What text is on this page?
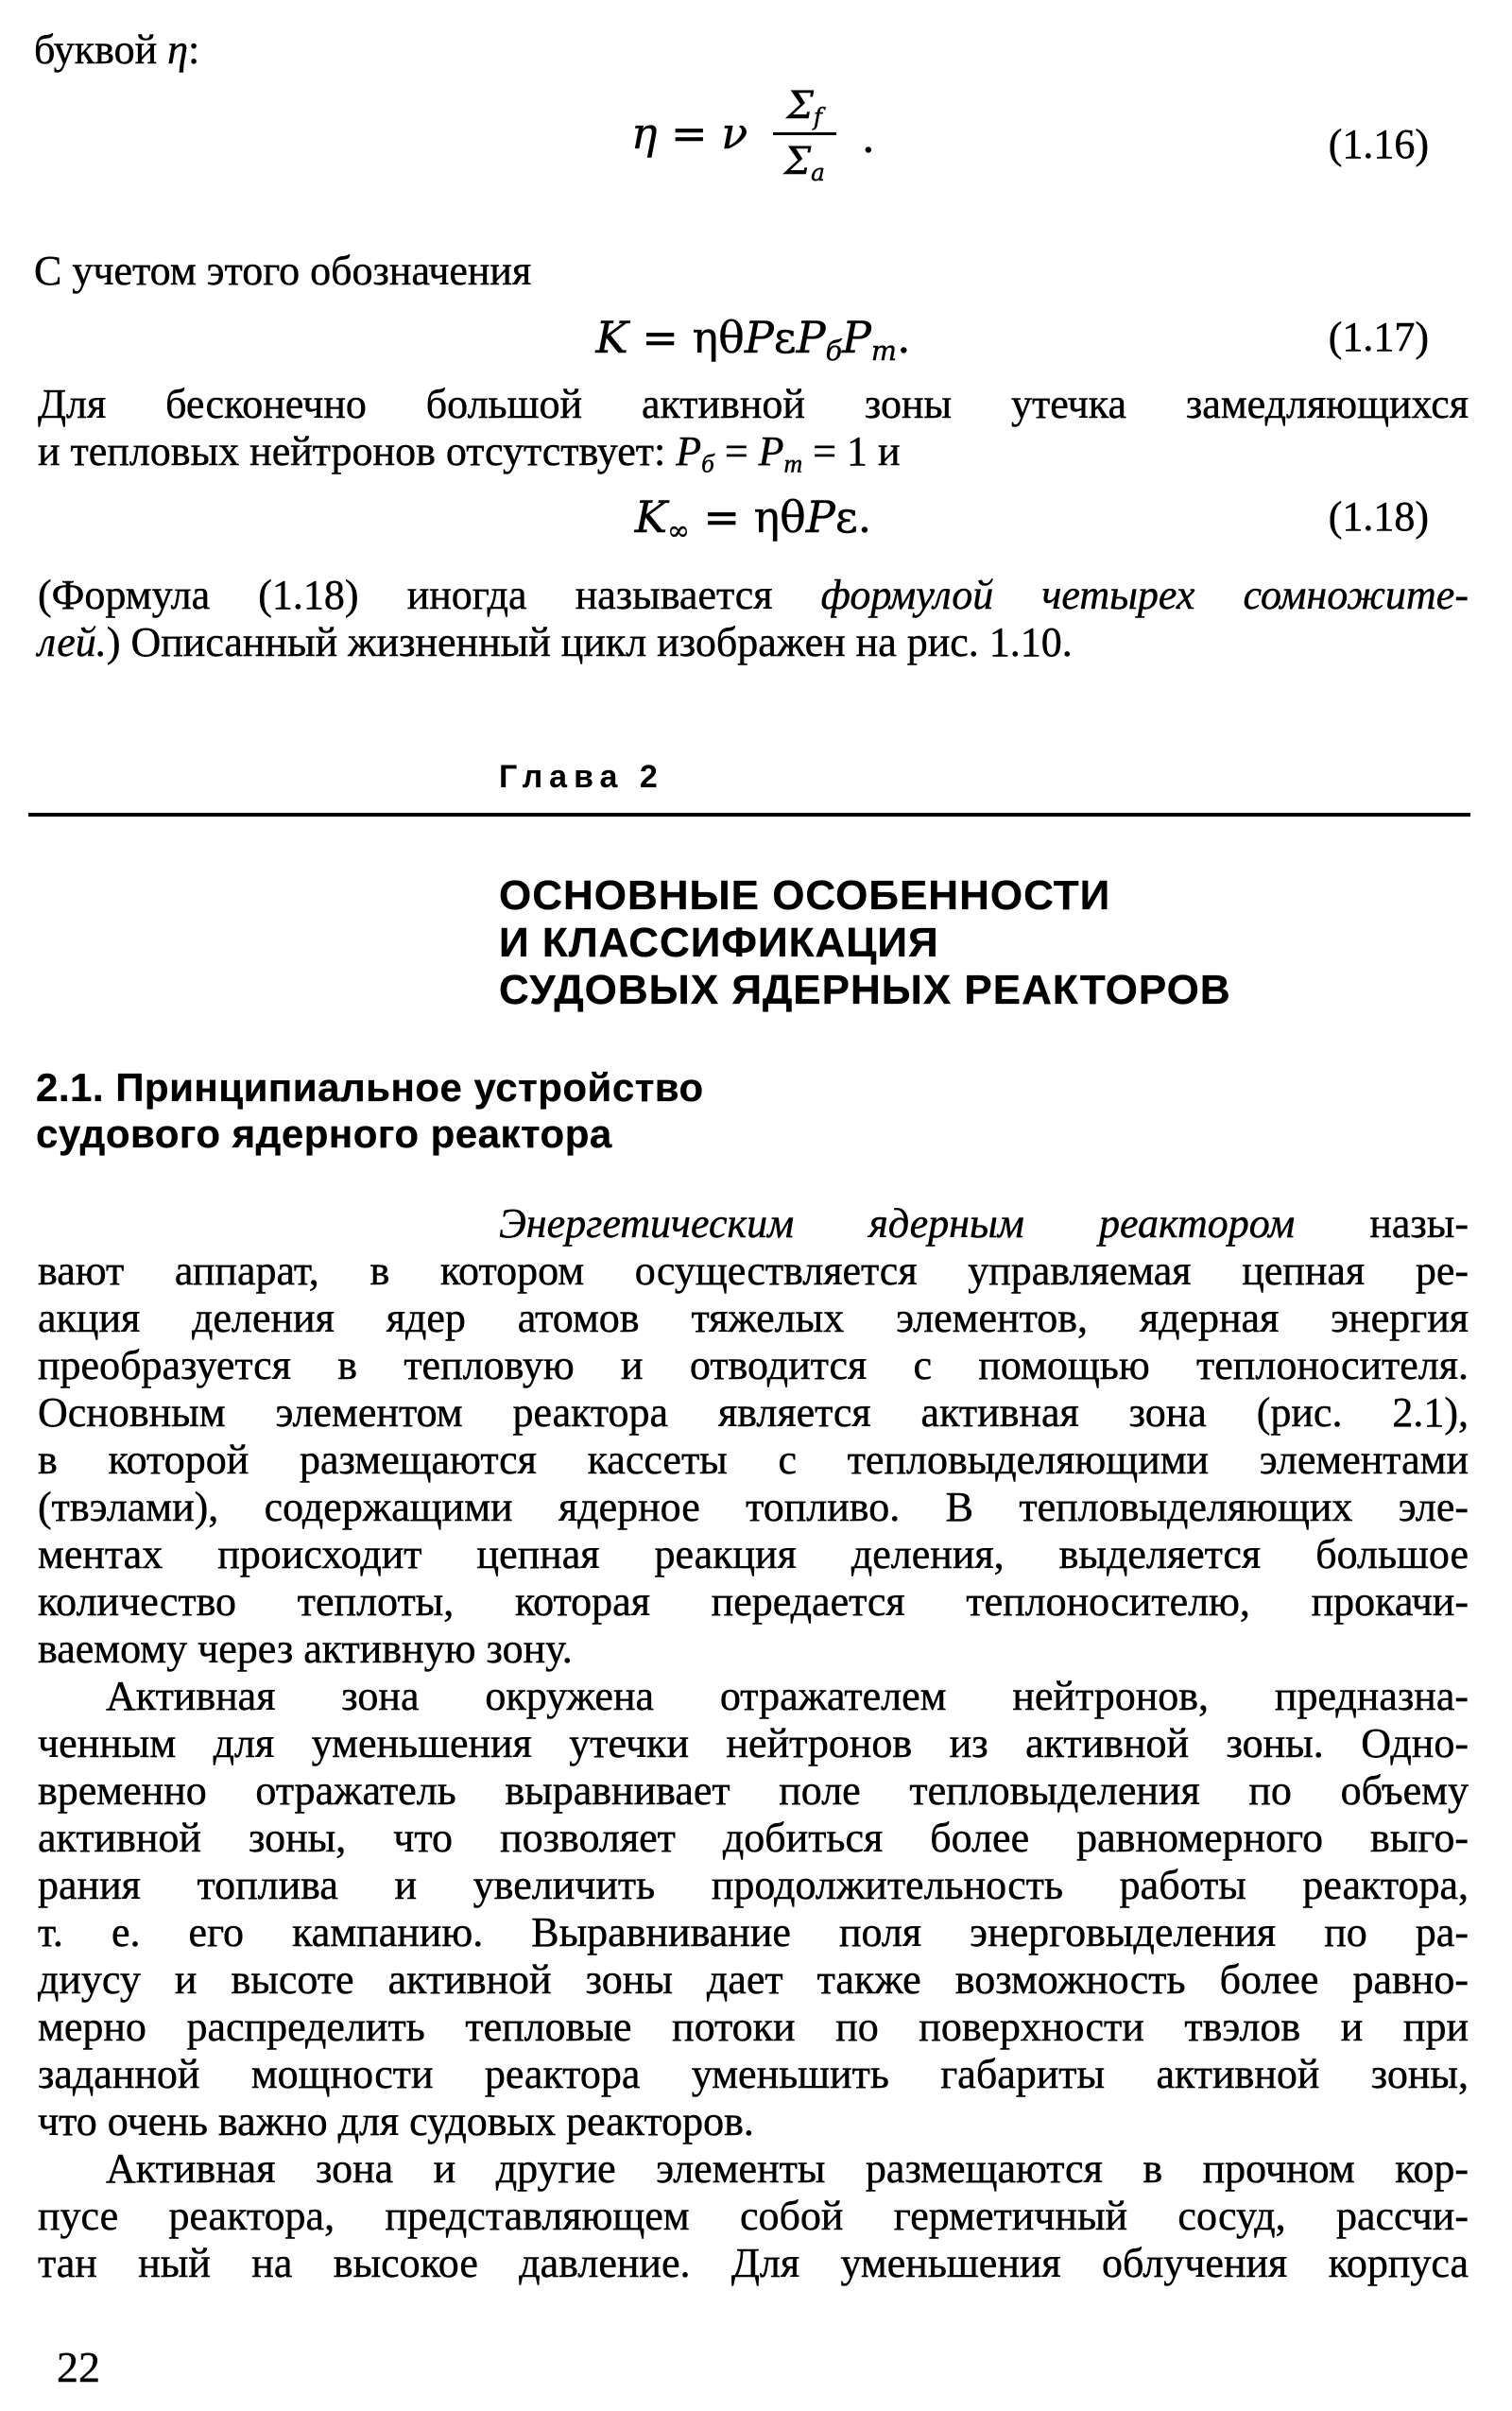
буквой η:
η = ν $\frac{\Sigma_f}{\Sigma_a}$ .	(1.16)
С учетом этого обозначения
$K = \eta\theta P\varepsilon P_бP_т$.	(1.17)
Для бесконечно большой активной зоны утечка замедляющихся
и тепловых нейтронов отсутствует: $P_б = P_т = 1$ и
$K_\infty = \eta\theta P\varepsilon$.	(1.18)
(Формула (1.18) иногда называется формулой четырех сомножите-
лей.) Описанный жизненный цикл изображен на рис. 1.10.
Глава 2
ОСНОВНЫЕ ОСОБЕННОСТИ
И КЛАССИФИКАЦИЯ
СУДОВЫХ ЯДЕРНЫХ РЕАКТОРОВ
2.1. Принципиальное устройство
судового ядерного реактора
Энергетическим ядерным реактором назы-
вают аппарат, в котором осуществляется управляемая цепная ре-
акция деления ядер атомов тяжелых элементов, ядерная энергия
преобразуется в тепловую и отводится с помощью теплоносителя.
Основным элементом реактора является активная зона (рис. 2.1),
в которой размещаются кассеты с тепловыделяющими элементами
(твэлами), содержащими ядерное топливо. В тепловыделяющих эле-
ментах происходит цепная реакция деления, выделяется большое
количество теплоты, которая передается теплоносителю, прокачи-
ваемому через активную зону.
Активная зона окружена отражателем нейтронов, предназна-
ченным для уменьшения утечки нейтронов из активной зоны. Одно-
временно отражатель выравнивает поле тепловыделения по объему
активной зоны, что позволяет добиться более равномерного выго-
рания топлива и увеличить продолжительность работы реактора,
т. е. его кампанию. Выравнивание поля энерговыделения по ра-
диусу и высоте активной зоны дает также возможность более равно-
мерно распределить тепловые потоки по поверхности твэлов и при
заданной мощности реактора уменьшить габариты активной зоны,
что очень важно для судовых реакторов.
Активная зона и другие элементы размещаются в прочном кор-
пусе реактора, представляющем собой герметичный сосуд, рассчи-
тан ный на высокое давление. Для уменьшения облучения корпуса
22
